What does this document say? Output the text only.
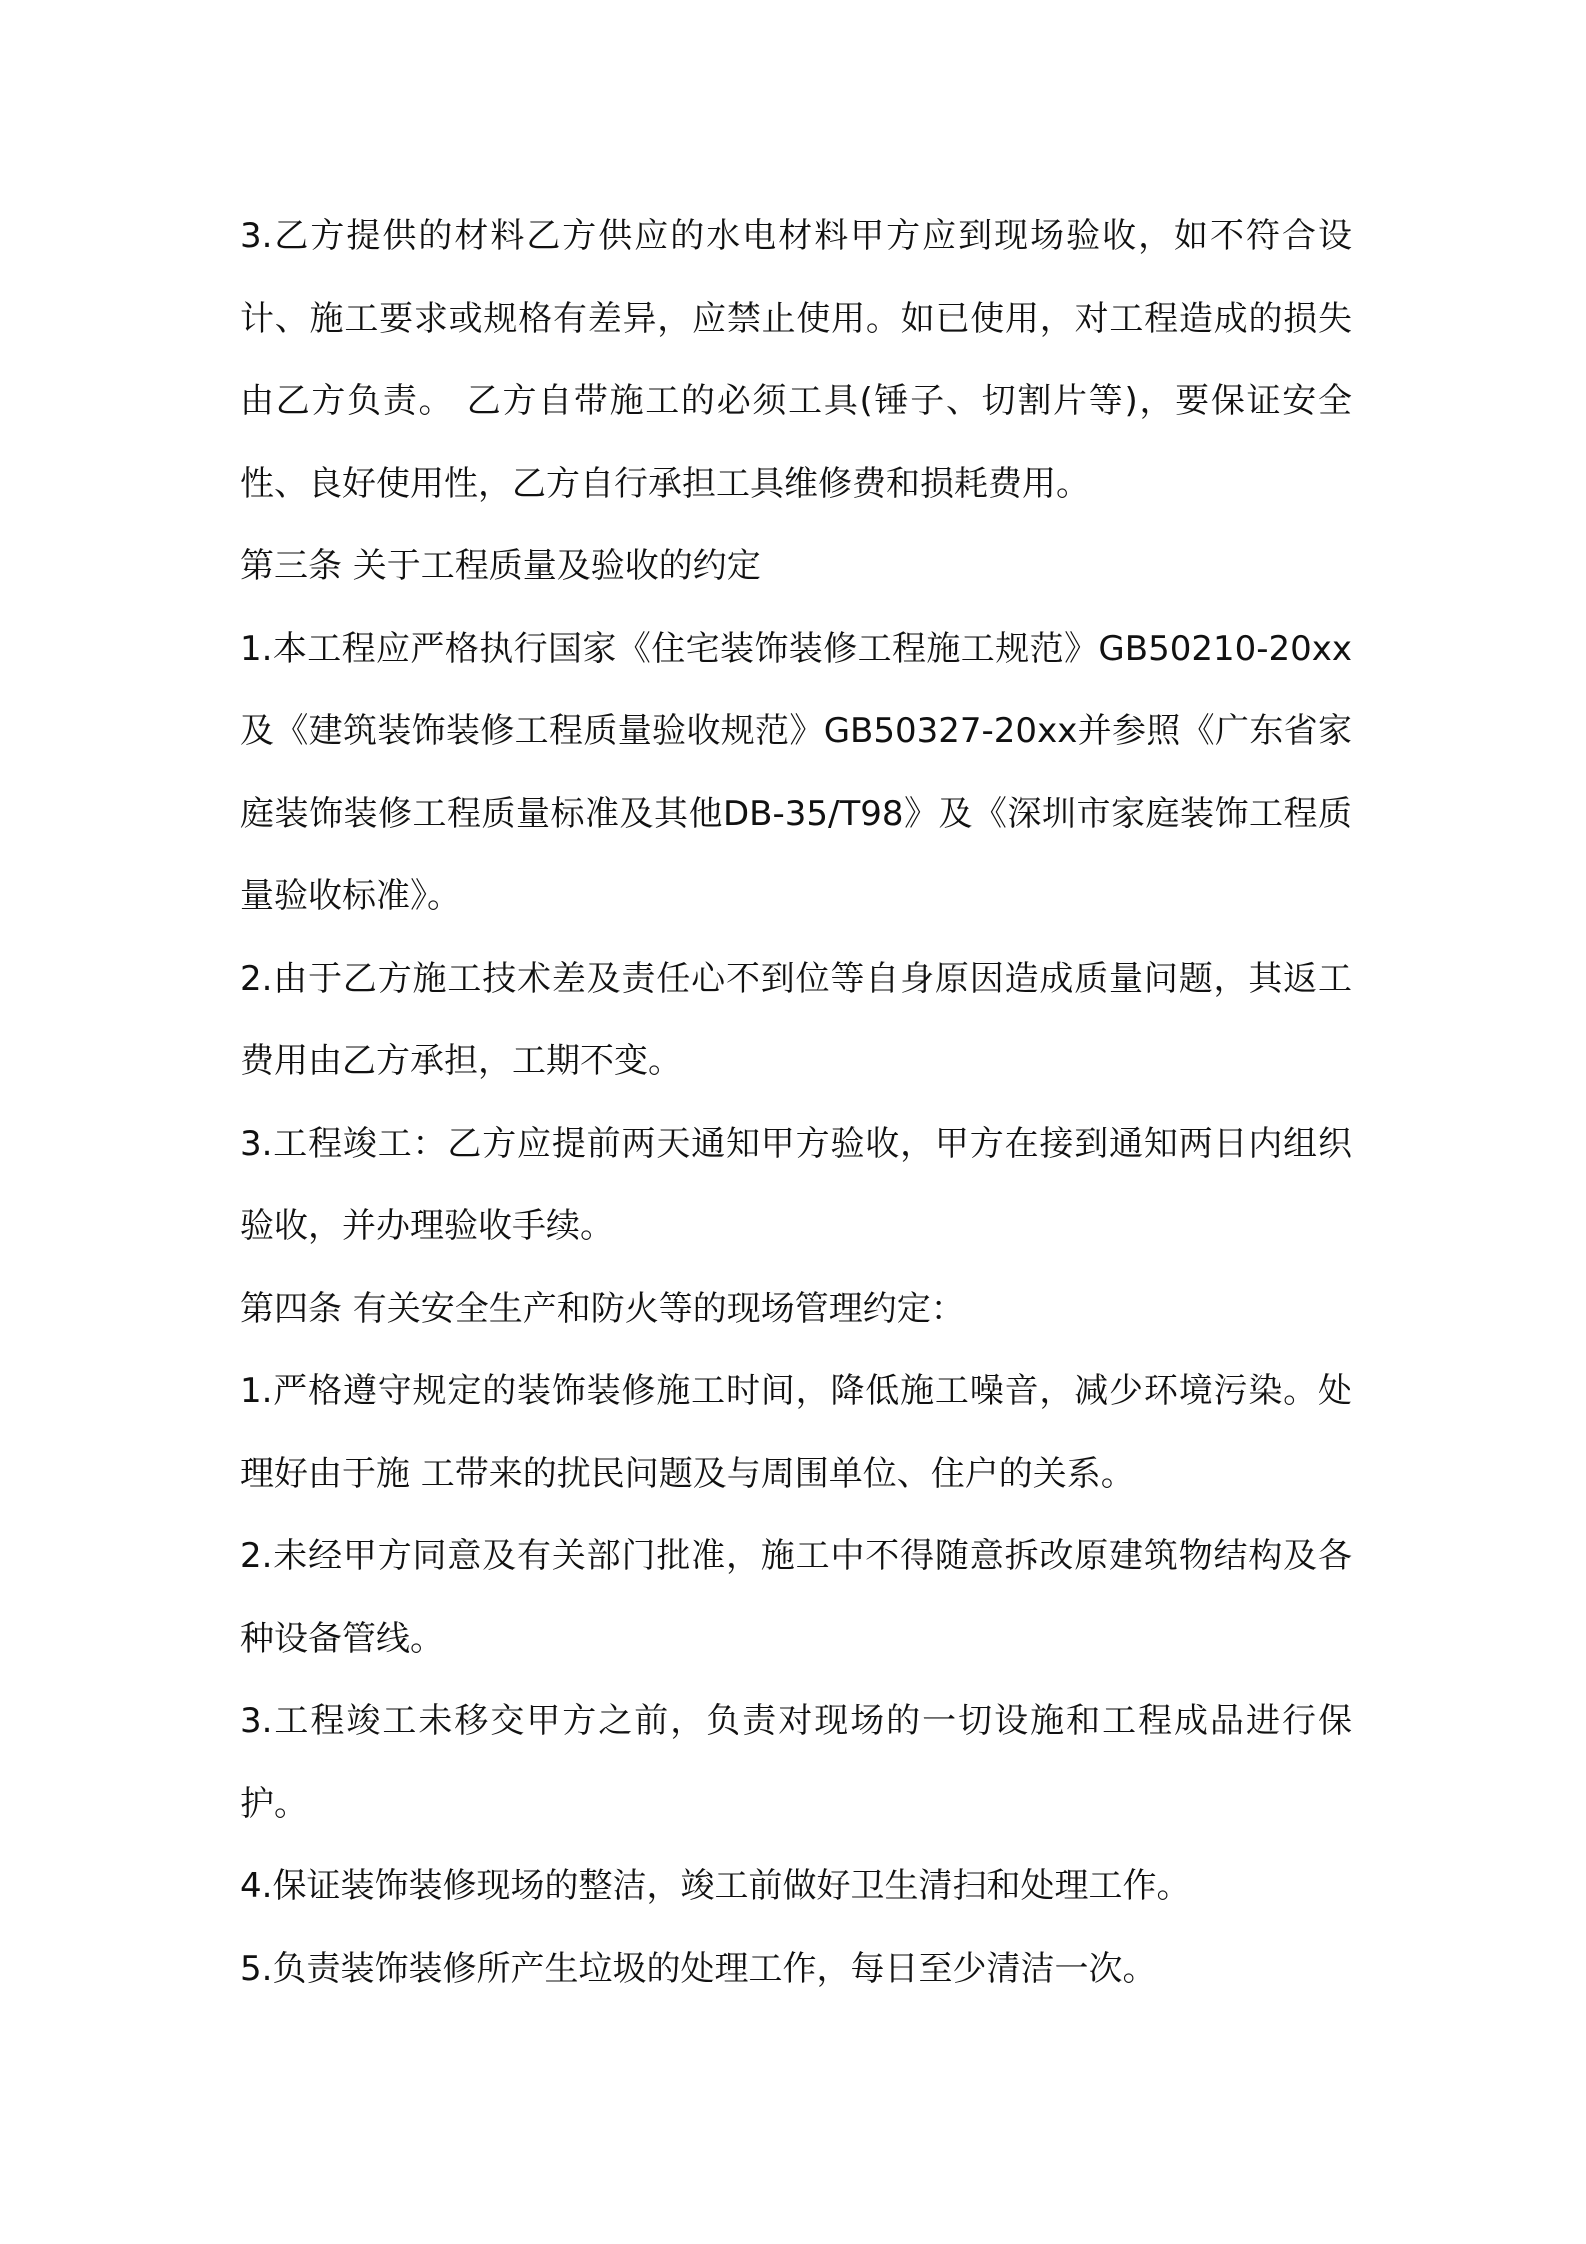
3.乙方提供的材料乙方供应的水电材料甲方应到现场验收，如不符合设计、施工要求或规格有差异，应禁止使用。如已使用，对工程造成的损失由乙方负责。 乙方自带施工的必须工具(锤子、切割片等)，要保证安全性、良好使用性，乙方自行承担工具维修费和损耗费用。

第三条 关于工程质量及验收的约定

1.本工程应严格执行国家《住宅装饰装修工程施工规范》GB50210-20xx及《建筑装饰装修工程质量验收规范》GB50327-20xx并参照《广东省家庭装饰装修工程质量标准及其他DB-35/T98》及《深圳市家庭装饰工程质量验收标准》。

2.由于乙方施工技术差及责任心不到位等自身原因造成质量问题，其返工费用由乙方承担，工期不变。

3.工程竣工：乙方应提前两天通知甲方验收，甲方在接到通知两日内组织验收，并办理验收手续。

第四条 有关安全生产和防火等的现场管理约定：

1.严格遵守规定的装饰装修施工时间，降低施工噪音，减少环境污染。处理好由于施 工带来的扰民问题及与周围单位、住户的关系。

2.未经甲方同意及有关部门批准，施工中不得随意拆改原建筑物结构及各种设备管线。

3.工程竣工未移交甲方之前，负责对现场的一切设施和工程成品进行保护。

4.保证装饰装修现场的整洁，竣工前做好卫生清扫和处理工作。

5.负责装饰装修所产生垃圾的处理工作，每日至少清洁一次。
